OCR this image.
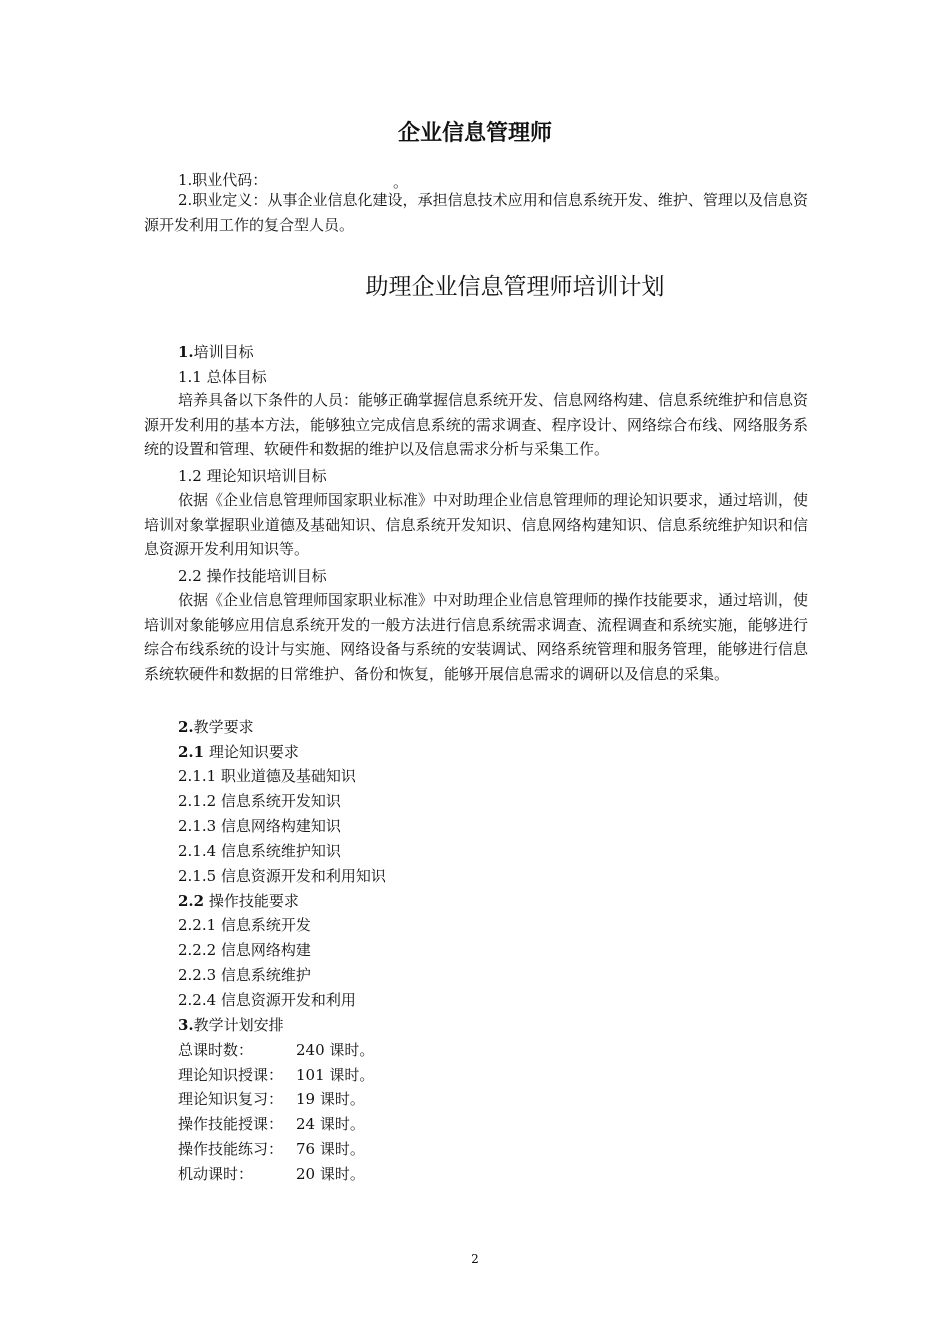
企业信息管理师
1.职业代码：	。
2.职业定义：从事企业信息化建设，承担信息技术应用和信息系统开发、维护、管理以及信息资源开发利用工作的复合型人员。
助理企业信息管理师培训计划
1.培训目标
1.1 总体目标
培养具备以下条件的人员：能够正确掌握信息系统开发、信息网络构建、信息系统维护和信息资源开发利用的基本方法，能够独立完成信息系统的需求调查、程序设计、网络综合布线、网络服务系统的设置和管理、软硬件和数据的维护以及信息需求分析与采集工作。
1.2 理论知识培训目标
依据《企业信息管理师国家职业标准》中对助理企业信息管理师的理论知识要求，通过培训，使培训对象掌握职业道德及基础知识、信息系统开发知识、信息网络构建知识、信息系统维护知识和信息资源开发利用知识等。
2.2 操作技能培训目标
依据《企业信息管理师国家职业标准》中对助理企业信息管理师的操作技能要求，通过培训，使培训对象能够应用信息系统开发的一般方法进行信息系统需求调查、流程调查和系统实施，能够进行综合布线系统的设计与实施、网络设备与系统的安装调试、网络系统管理和服务管理，能够进行信息系统软硬件和数据的日常维护、备份和恢复，能够开展信息需求的调研以及信息的采集。
2.教学要求
2.1 理论知识要求
2.1.1 职业道德及基础知识
2.1.2 信息系统开发知识
2.1.3 信息网络构建知识
2.1.4 信息系统维护知识
2.1.5 信息资源开发和利用知识
2.2 操作技能要求
2.2.1 信息系统开发
2.2.2 信息网络构建
2.2.3 信息系统维护
2.2.4 信息资源开发和利用
3.教学计划安排
总课时数：	240 课时。
理论知识授课： 101 课时。
理论知识复习： 19 课时。
操作技能授课： 24 课时。
操作技能练习： 76 课时。
机动课时：	20 课时。
2
